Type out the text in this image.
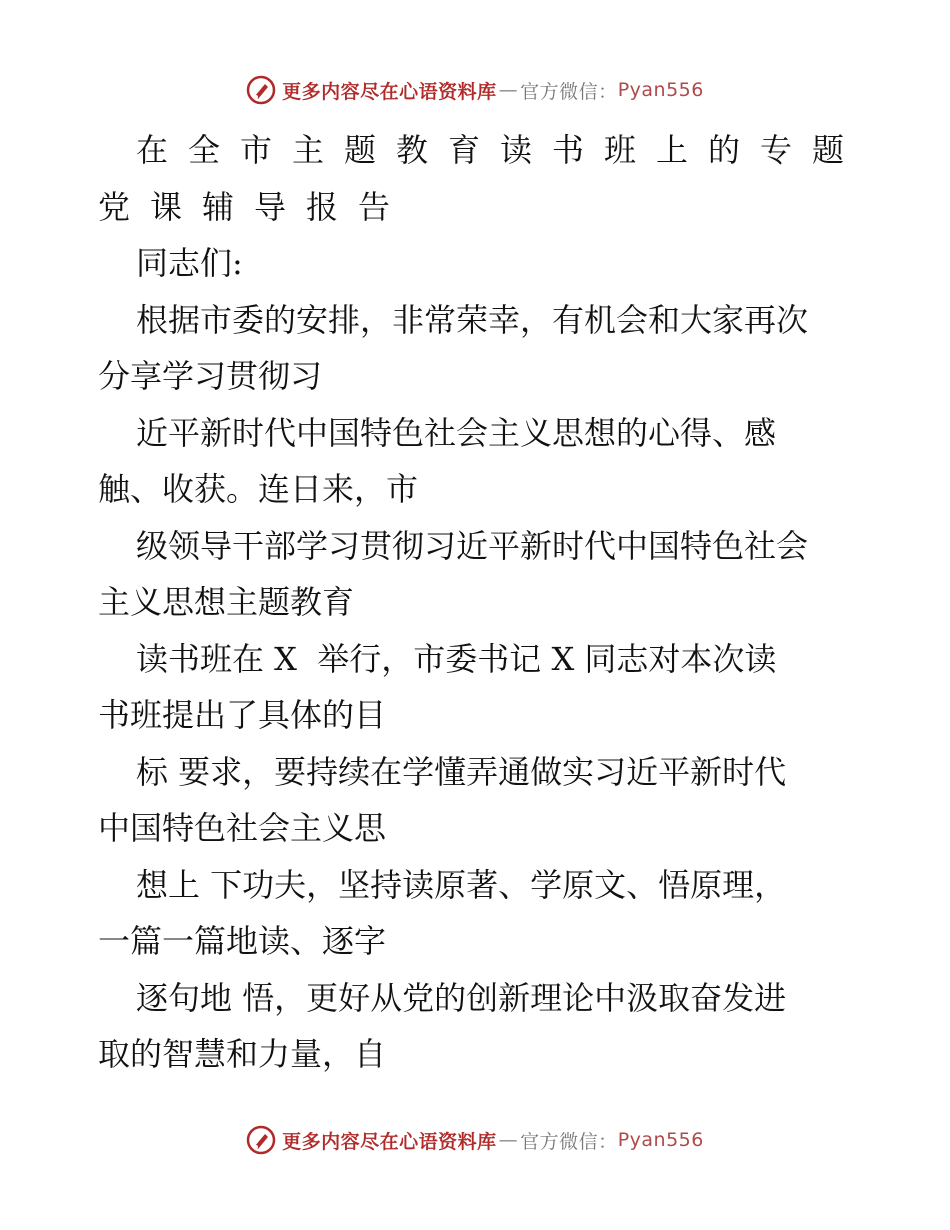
更多内容尽在心语资料库 — 官方微信： Pyan556
在全市主题教育读书班上的专题
党课辅导报告
同志们:
根据市委的安排，非常荣幸，有机会和大家再次
分享学习贯彻习
近平新时代中国特色社会主义思想的心得、感
触、收获。连日来，市
级领导干部学习贯彻习近平新时代中国特色社会
主义思想主题教育
读书班在 X  举行，市委书记 X 同志对本次读
书班提出了具体的目
标 要求，要持续在学懂弄通做实习近平新时代
中国特色社会主义思
想上 下功夫，坚持读原著、学原文、悟原理，
一篇一篇地读、逐字
逐句地 悟，更好从党的创新理论中汲取奋发进
取的智慧和力量，自
更多内容尽在心语资料库 — 官方微信： Pyan556
